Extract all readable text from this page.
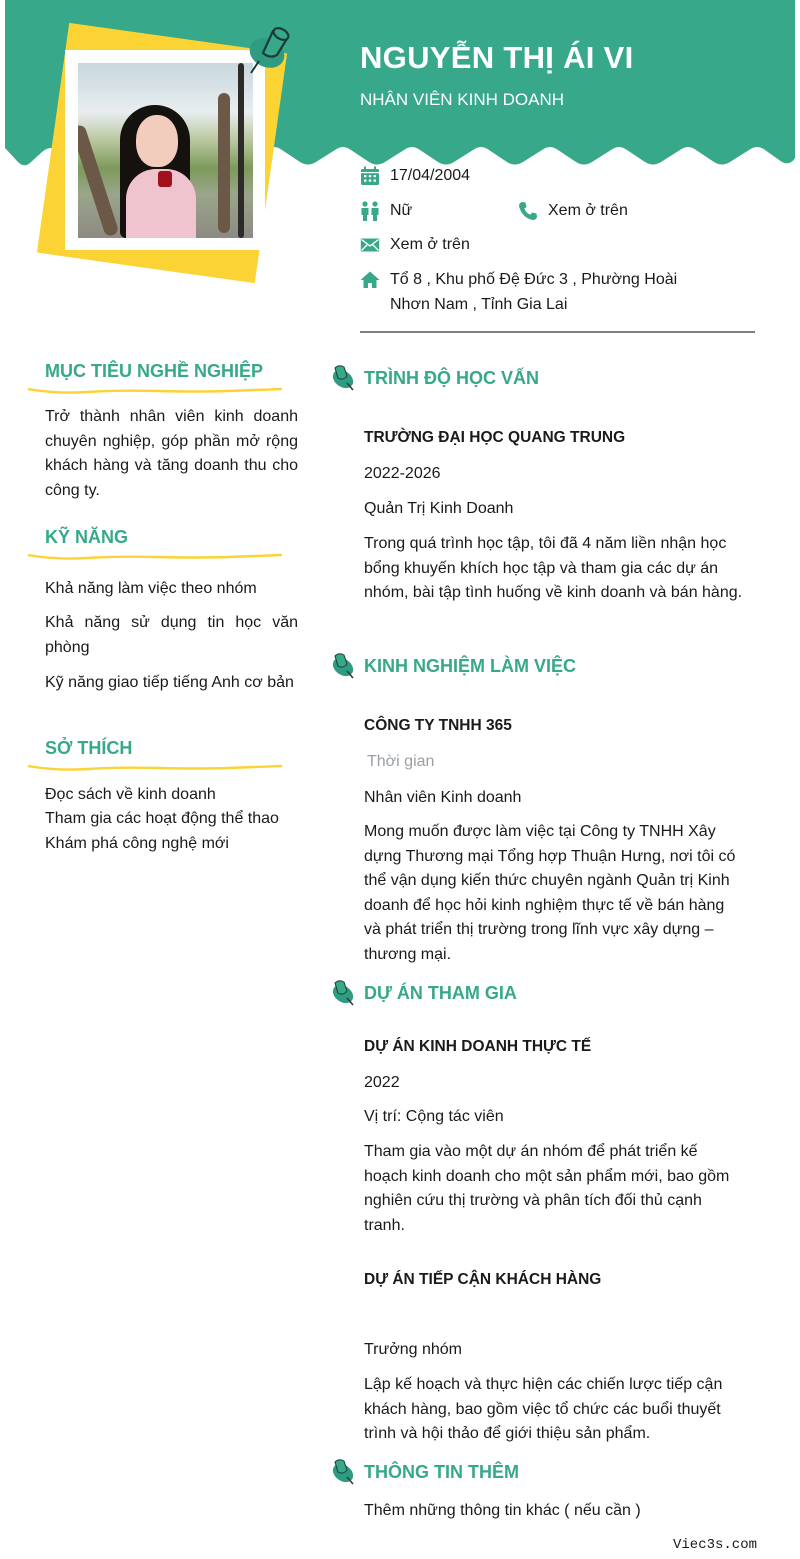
NGUYỄN THỊ ÁI VI
NHÂN VIÊN KINH DOANH
17/04/2004
Nữ	Xem ở trên
Xem ở trên
Tổ 8 , Khu phố Đệ Đức 3 , Phường Hoài
Nhơn Nam , Tỉnh Gia Lai
MỤC TIÊU NGHỀ NGHIỆP
Trở thành nhân viên kinh doanh chuyên nghiệp, góp phần mở rộng khách hàng và tăng doanh thu cho công ty.
KỸ NĂNG
Khả năng làm việc theo nhóm
Khả năng sử dụng tin học văn phòng
Kỹ năng giao tiếp tiếng Anh cơ bản
SỞ THÍCH
Đọc sách về kinh doanh
Tham gia các hoạt động thể thao
Khám phá công nghệ mới
TRÌNH ĐỘ HỌC VẤN
TRƯỜNG ĐẠI HỌC QUANG TRUNG
2022-2026
Quản Trị Kinh Doanh
Trong quá trình học tập, tôi đã 4 năm liền nhận học bổng khuyến khích học tập và tham gia các dự án nhóm, bài tập tình huống về kinh doanh và bán hàng.
KINH NGHIỆM LÀM VIỆC
CÔNG TY TNHH 365
Thời gian
Nhân viên Kinh doanh
Mong muốn được làm việc tại Công ty TNHH Xây dựng Thương mại Tổng hợp Thuận Hưng, nơi tôi có thể vận dụng kiến thức chuyên ngành Quản trị Kinh doanh để học hỏi kinh nghiệm thực tế về bán hàng và phát triển thị trường trong lĩnh vực xây dựng – thương mại.
DỰ ÁN THAM GIA
DỰ ÁN KINH DOANH THỰC TẾ
2022
Vị trí: Cộng tác viên
Tham gia vào một dự án nhóm để phát triển kế hoạch kinh doanh cho một sản phẩm mới, bao gồm nghiên cứu thị trường và phân tích đối thủ cạnh tranh.
DỰ ÁN TIẾP CẬN KHÁCH HÀNG
Trưởng nhóm
Lập kế hoạch và thực hiện các chiến lược tiếp cận khách hàng, bao gồm việc tổ chức các buổi thuyết trình và hội thảo để giới thiệu sản phẩm.
THÔNG TIN THÊM
Thêm những thông tin khác ( nếu cần )
Viec3s.com
